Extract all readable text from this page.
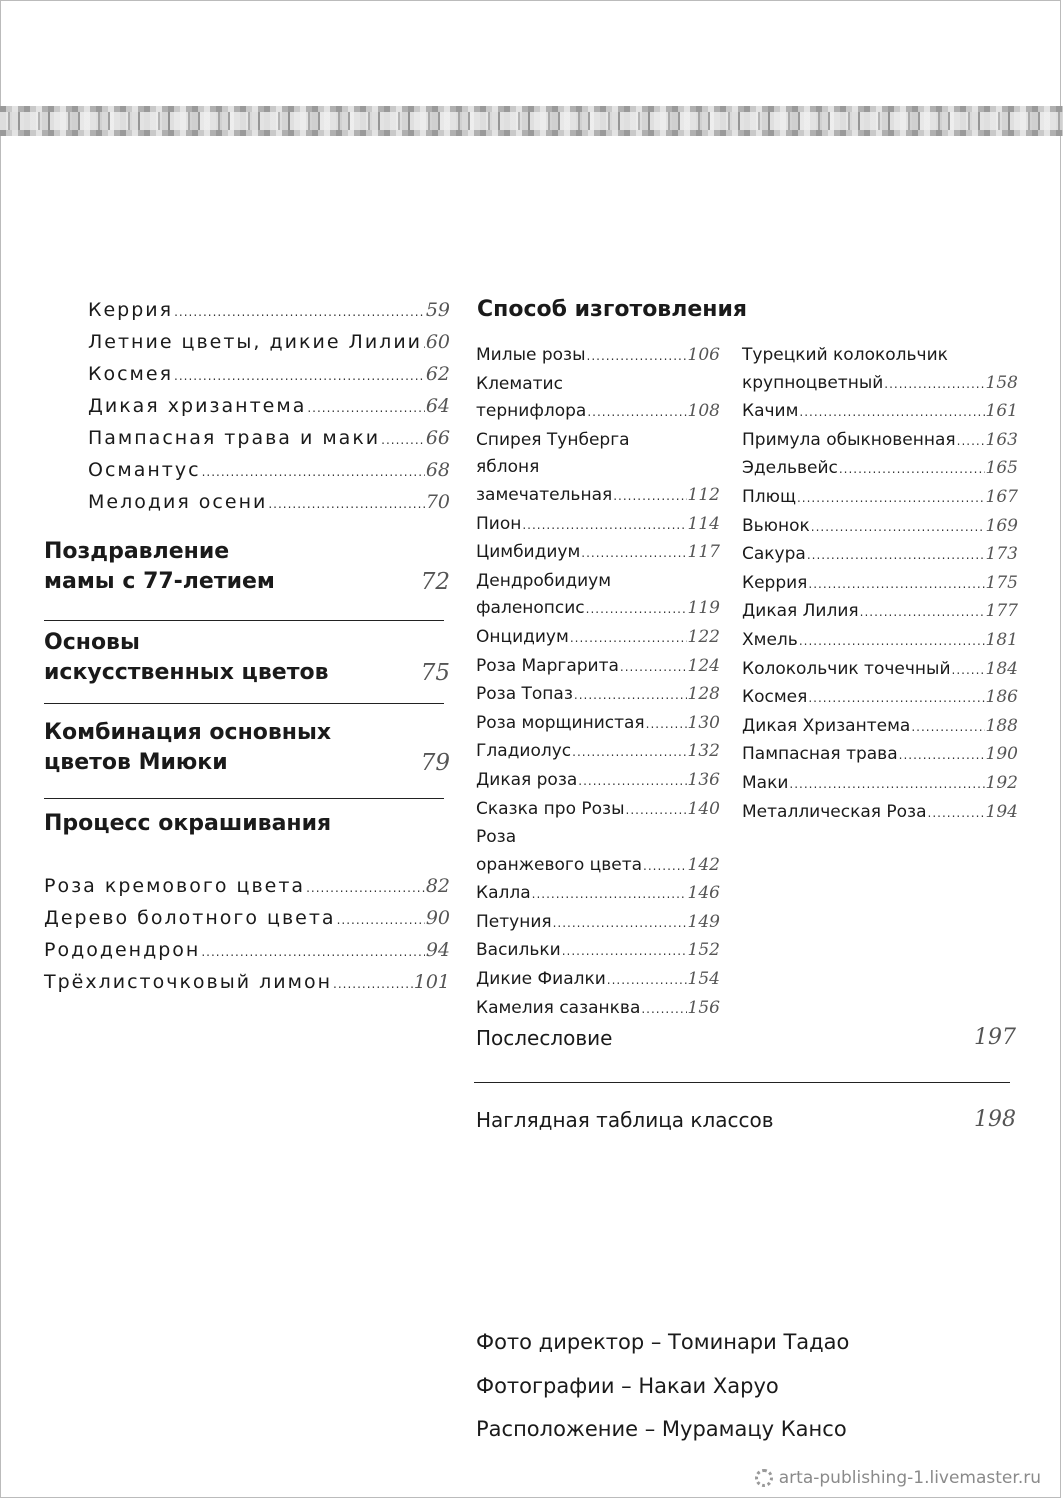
Керрия .....	59
Летние цветы, дикие Лилии ..... 60
Космея .....	62
Дикая хризантема .....	64
Пампасная трава и маки ..... 66
Османтус .....	68
Мелодия осени .....	70
Поздравление
мамы с 77-летием	72
Основы
искусственных цветов	75
Комбинация основных
цветов Миюки	79
Процесс окрашивания
Роза кремового цвета .....	82
Дерево болотного цвета .....	90
Рододендрон .....	94
Трёхлисточковый лимон .....	101
Способ изготовления
Милые розы .....	106
Клематис
тернифлора .....	108
Спирея Тунберга
яблоня
замечательная .....	112
Пион .....	114
Цимбидиум .....	117
Дендробидиум
фаленопсис .....	119
Онцидиум .....	122
Роза Маргарита .....	124
Роза Топаз .....	128
Роза морщинистая .....	130
Гладиолус .....	132
Дикая роза .....	136
Сказка про Розы .....	140
Роза
оранжевого цвета .....	142
Калла .....	146
Петуния .....	149
Васильки .....	152
Дикие Фиалки .....	154
Камелия сазанква .....	156
Турецкий колокольчик
крупноцветный .....	158
Качим .....	161
Примула обыкновенная ..... 163
Эдельвейс .....	165
Плющ .....	167
Вьюнок .....	169
Сакура .....	173
Керрия .....	175
Дикая Лилия .....	177
Хмель .....	181
Колокольчик точечный ..... 184
Космея .....	186
Дикая Хризантема .....	188
Пампасная трава .....	190
Маки .....	192
Металлическая Роза .....	194
Послесловие	197
Наглядная таблица классов	198
Фото директор – Томинари Тадао
Фотографии – Накаи Харуо
Расположение – Мурамацу Кансо
arta-publishing-1.livemaster.ru
